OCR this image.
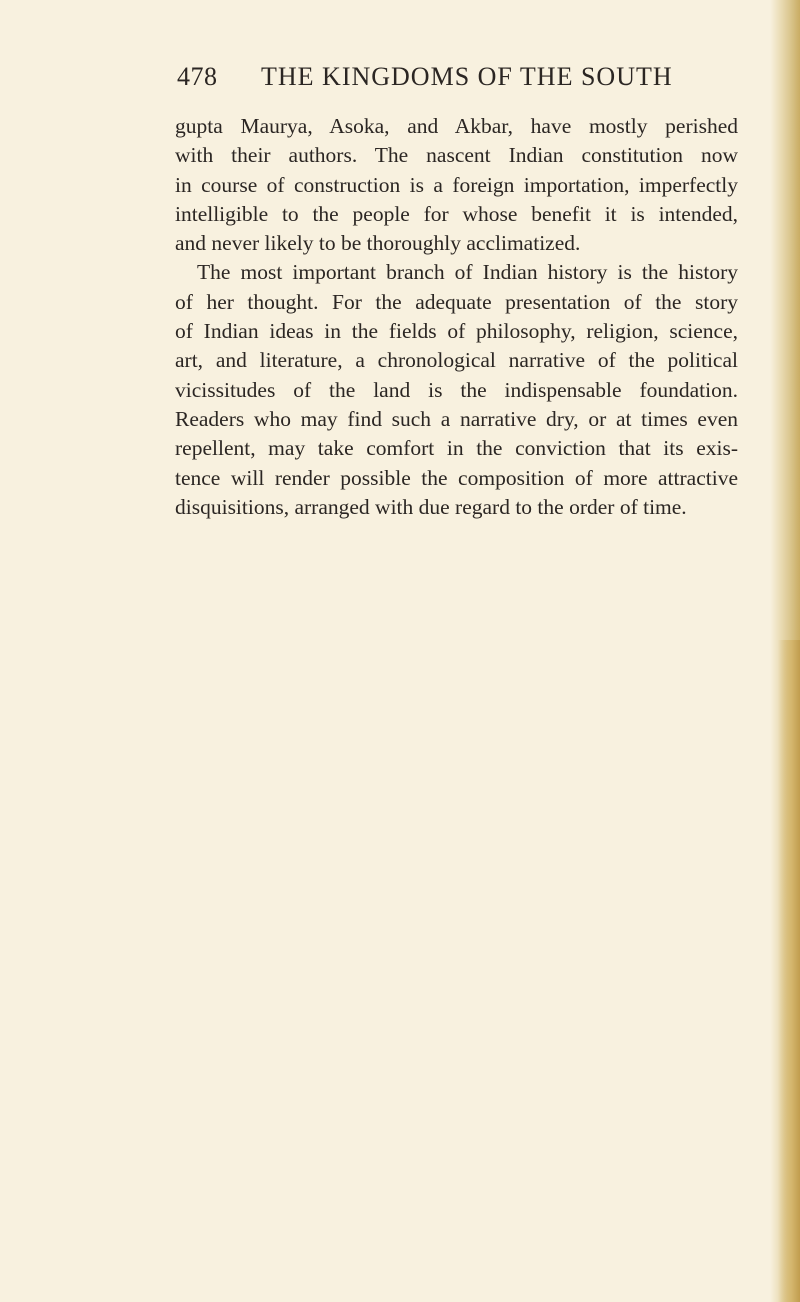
478 THE KINGDOMS OF THE SOUTH
gupta Maurya, Asoka, and Akbar, have mostly perished
with their authors. The nascent Indian constitution now
in course of construction is a foreign importation, imperfectly
intelligible to the people for whose benefit it is intended,
and never likely to be thoroughly acclimatized.
The most important branch of Indian history is the history
of her thought. For the adequate presentation of the story
of Indian ideas in the fields of philosophy, religion, science,
art, and literature, a chronological narrative of the political
vicissitudes of the land is the indispensable foundation.
Readers who may find such a narrative dry, or at times even
repellent, may take comfort in the conviction that its exis-
tence will render possible the composition of more attractive
disquisitions, arranged with due regard to the order of time.
